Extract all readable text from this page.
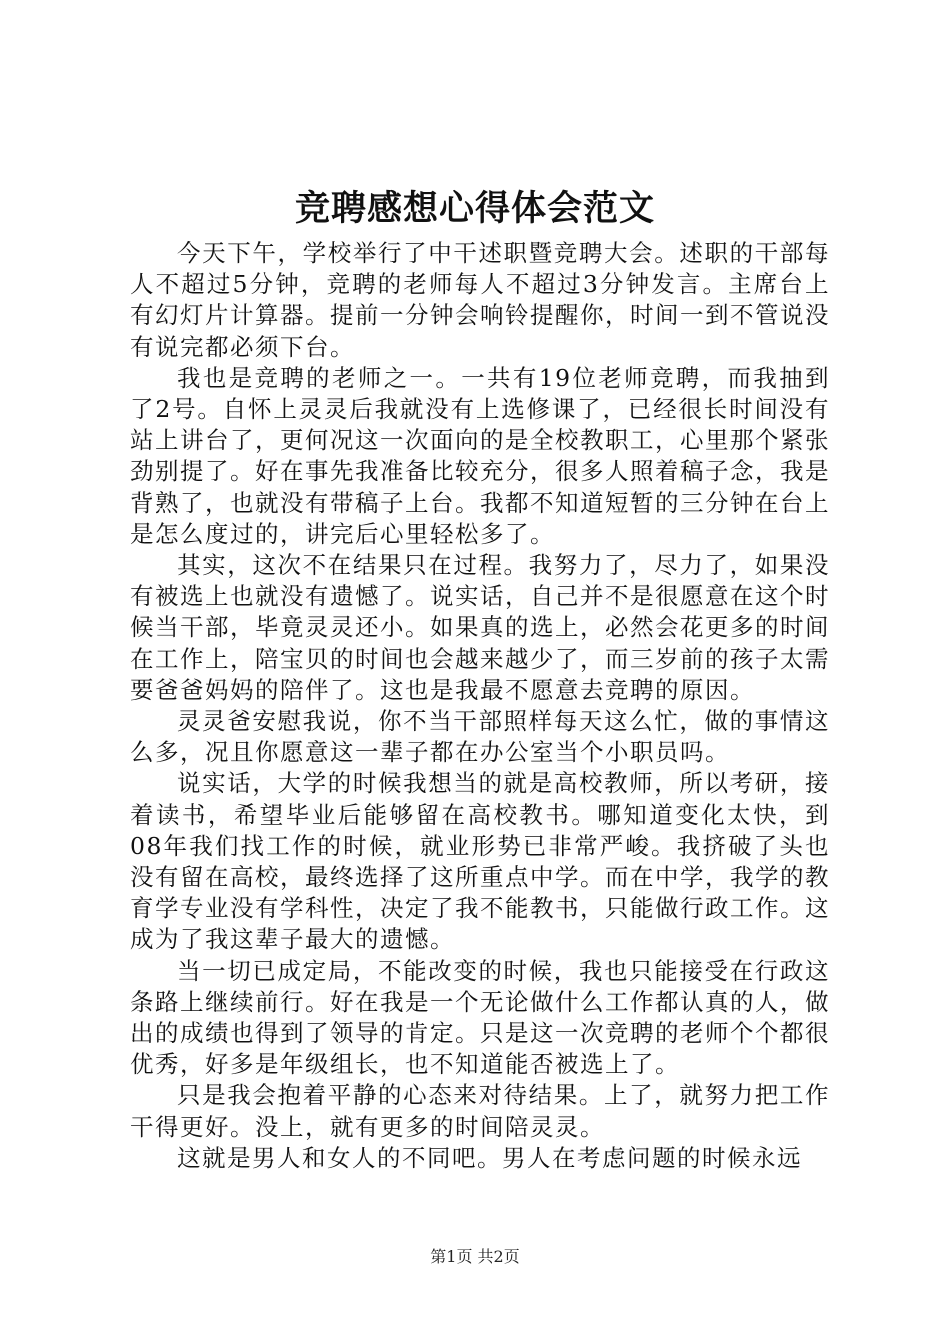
竞聘感想心得体会范文

今天下午，学校举行了中干述职暨竞聘大会。述职的干部每人不超过5分钟，竞聘的老师每人不超过3分钟发言。主席台上有幻灯片计算器。提前一分钟会响铃提醒你，时间一到不管说没有说完都必须下台。

我也是竞聘的老师之一。一共有19位老师竞聘，而我抽到了2号。自怀上灵灵后我就没有上选修课了，已经很长时间没有站上讲台了，更何况这一次面向的是全校教职工，心里那个紧张劲别提了。好在事先我准备比较充分，很多人照着稿子念，我是背熟了，也就没有带稿子上台。我都不知道短暂的三分钟在台上是怎么度过的，讲完后心里轻松多了。

其实，这次不在结果只在过程。我努力了，尽力了，如果没有被选上也就没有遗憾了。说实话，自己并不是很愿意在这个时候当干部，毕竟灵灵还小。如果真的选上，必然会花更多的时间在工作上，陪宝贝的时间也会越来越少了，而三岁前的孩子太需要爸爸妈妈的陪伴了。这也是我最不愿意去竞聘的原因。

灵灵爸安慰我说，你不当干部照样每天这么忙，做的事情这么多，况且你愿意这一辈子都在办公室当个小职员吗。

说实话，大学的时候我想当的就是高校教师，所以考研，接着读书，希望毕业后能够留在高校教书。哪知道变化太快，到08年我们找工作的时候，就业形势已非常严峻。我挤破了头也没有留在高校，最终选择了这所重点中学。而在中学，我学的教育学专业没有学科性，决定了我不能教书，只能做行政工作。这成为了我这辈子最大的遗憾。

当一切已成定局，不能改变的时候，我也只能接受在行政这条路上继续前行。好在我是一个无论做什么工作都认真的人，做出的成绩也得到了领导的肯定。只是这一次竞聘的老师个个都很优秀，好多是年级组长，也不知道能否被选上了。

只是我会抱着平静的心态来对待结果。上了，就努力把工作干得更好。没上，就有更多的时间陪灵灵。

这就是男人和女人的不同吧。男人在考虑问题的时候永远

第1页 共2页
